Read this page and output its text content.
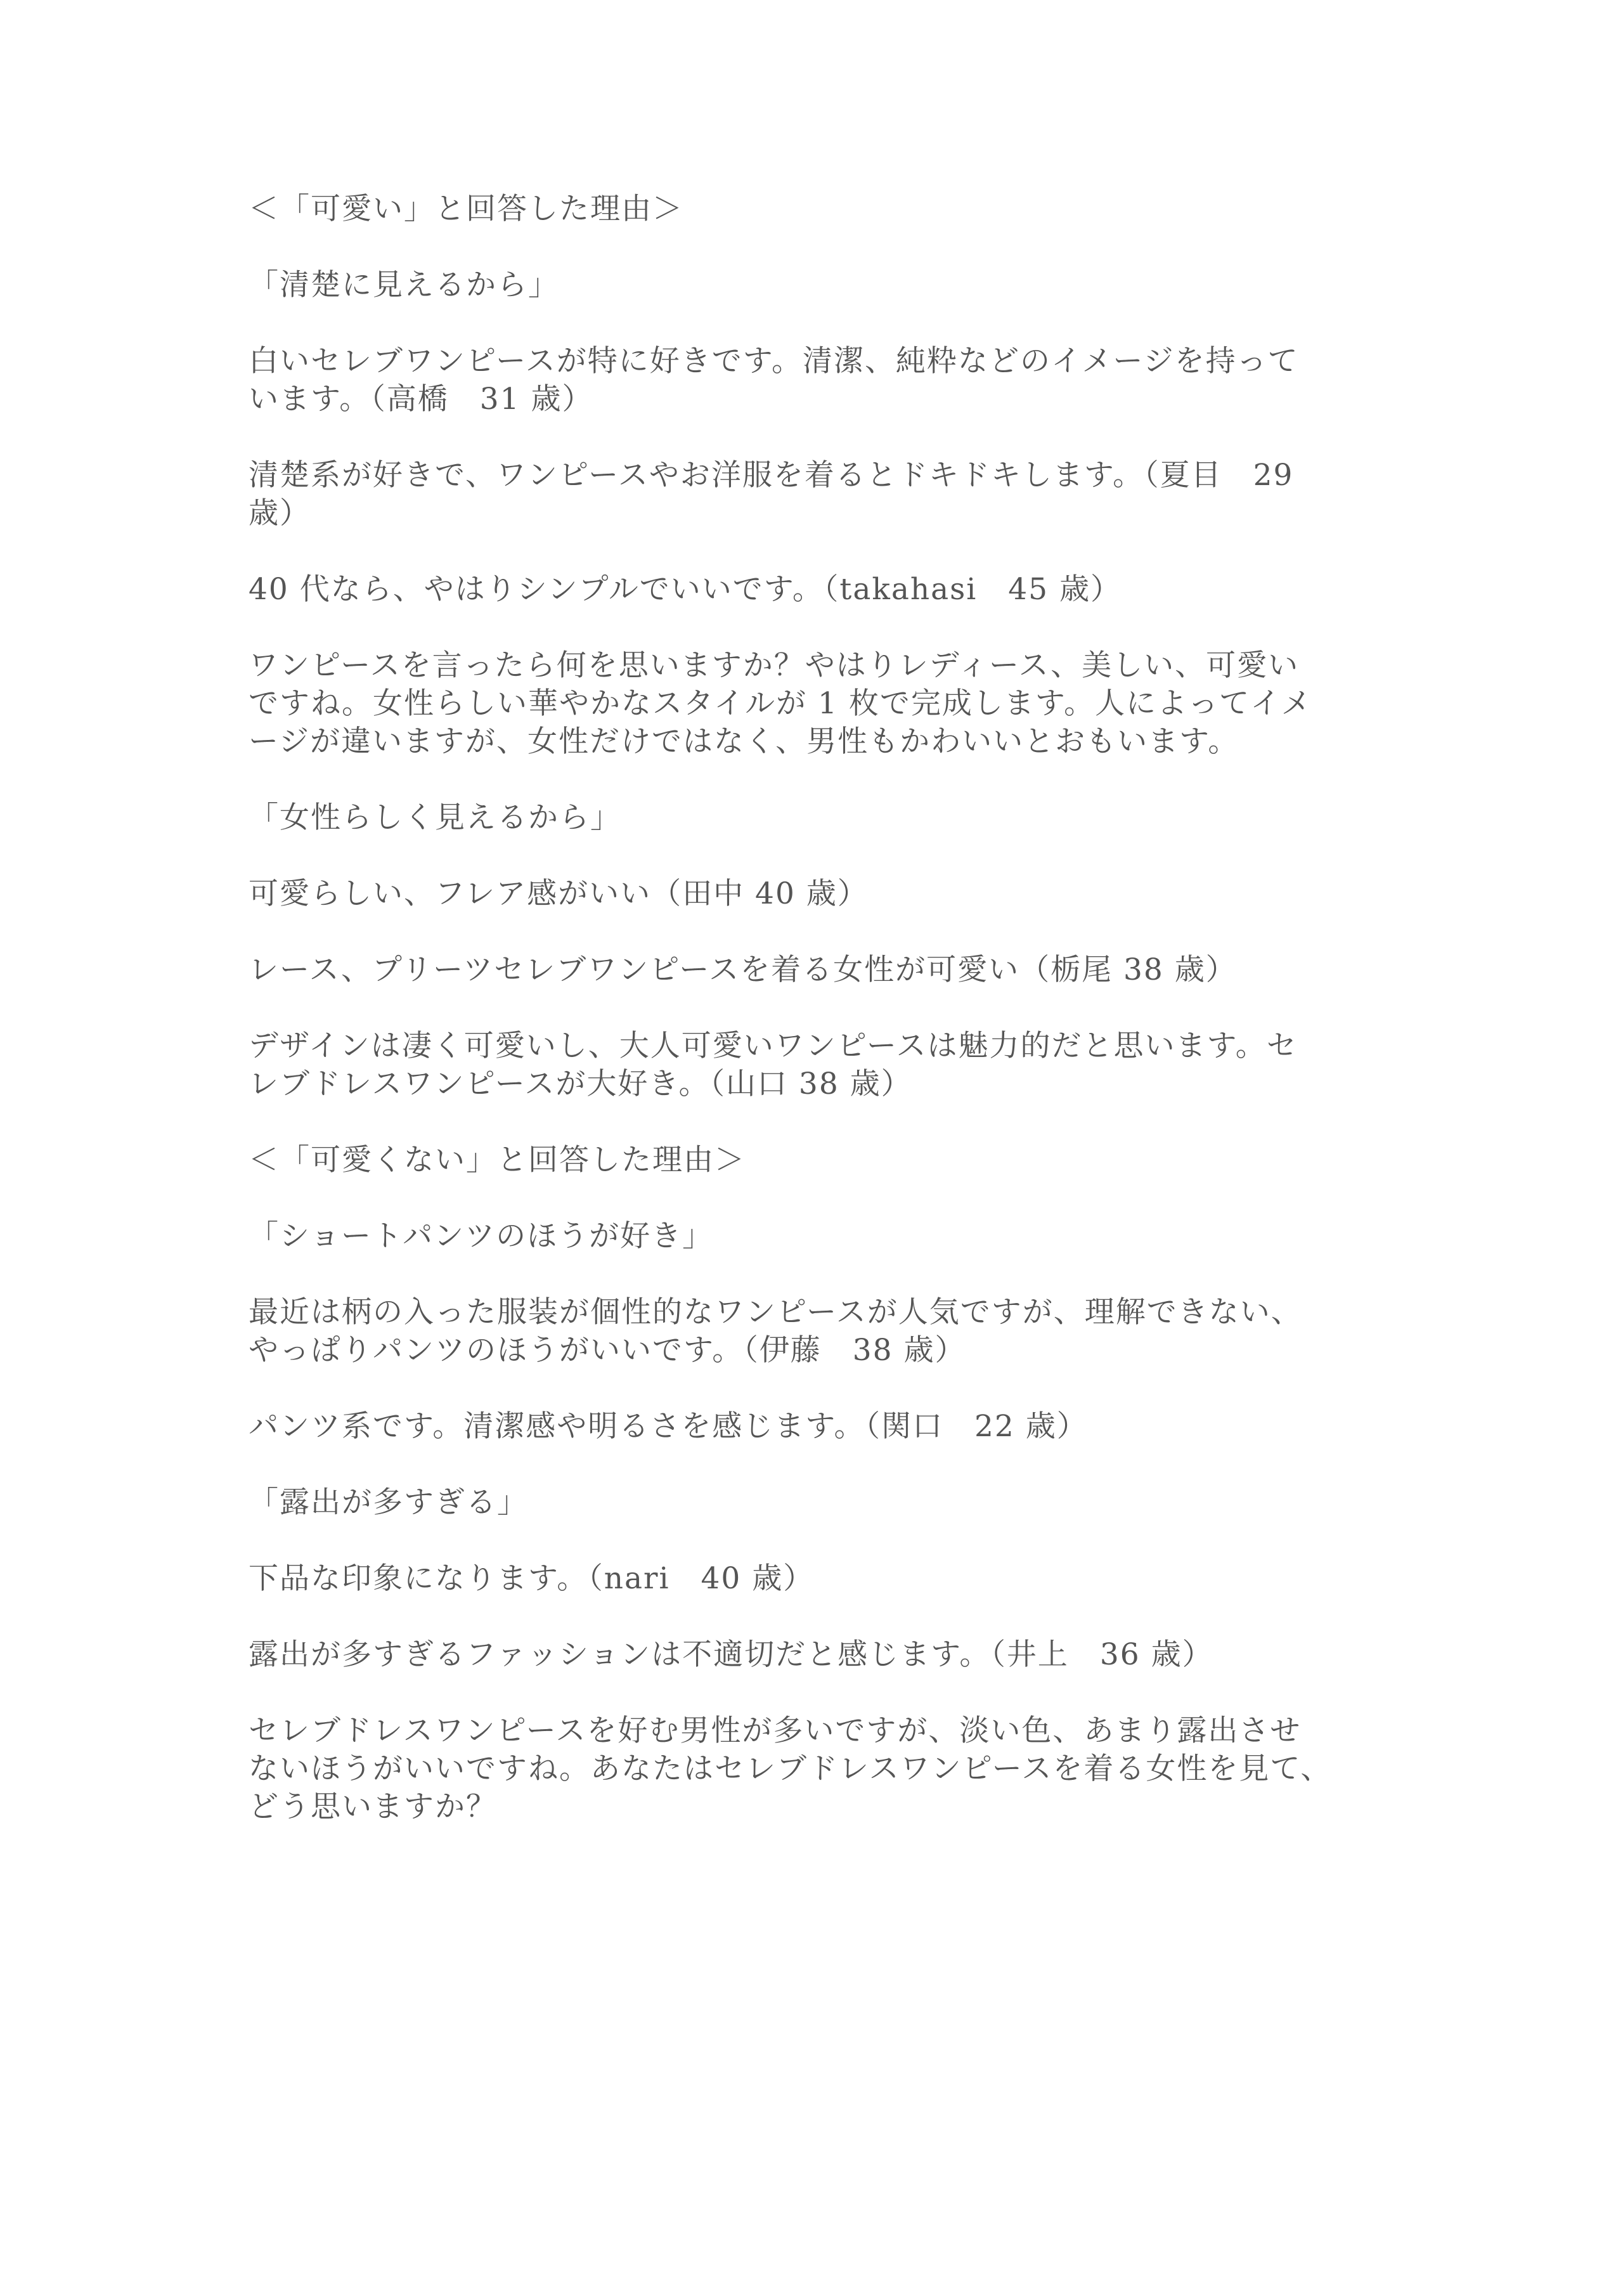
＜「可愛い」と回答した理由＞

「清楚に見えるから」

白いセレブワンピースが特に好きです。清潔、純粋などのイメージを持って
います。（高橋　31 歳）

清楚系が好きで、ワンピースやお洋服を着るとドキドキします。（夏目　29
歳）

40 代なら、やはりシンプルでいいです。（takahasi　45 歳）

ワンピースを言ったら何を思いますか？やはりレディース、美しい、可愛い
ですね。女性らしい華やかなスタイルが 1 枚で完成します。人によってイメ
ージが違いますが、女性だけではなく、男性もかわいいとおもいます。

「女性らしく見えるから」

可愛らしい、フレア感がいい（田中 40 歳）

レース、プリーツセレブワンピースを着る女性が可愛い（栃尾 38 歳）

デザインは凄く可愛いし、大人可愛いワンピースは魅力的だと思います。セ
レブドレスワンピースが大好き。（山口 38 歳）

＜「可愛くない」と回答した理由＞

「ショートパンツのほうが好き」

最近は柄の入った服装が個性的なワンピースが人気ですが、理解できない、
やっぱりパンツのほうがいいです。（伊藤　38 歳）

パンツ系です。清潔感や明るさを感じます。（関口　22 歳）

「露出が多すぎる」

下品な印象になります。（nari　40 歳）

露出が多すぎるファッションは不適切だと感じます。（井上　36 歳）

セレブドレスワンピースを好む男性が多いですが、淡い色、あまり露出させ
ないほうがいいですね。あなたはセレブドレスワンピースを着る女性を見て、
どう思いますか？
